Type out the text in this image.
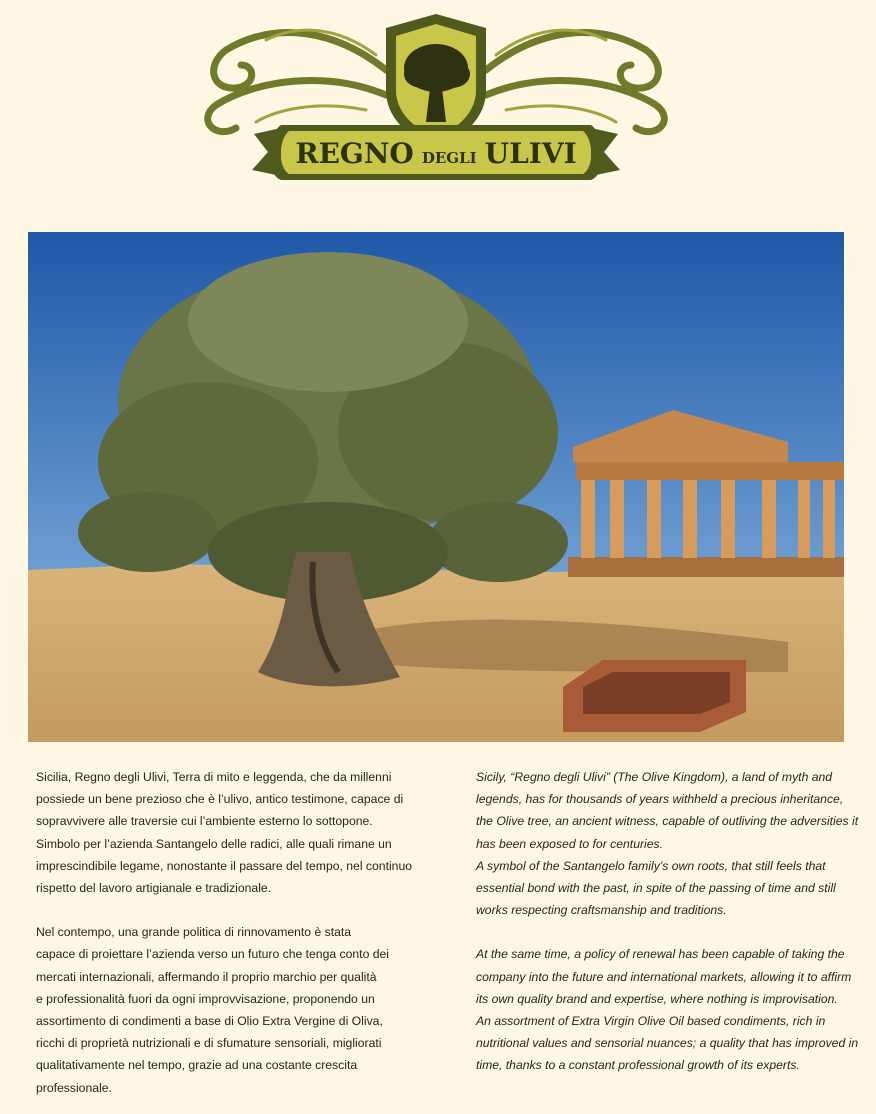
REGNO DEGLI ULIVI

Sicilia, Regno degli Ulivi, Terra di mito e leggenda, che da millenni
possiede un bene prezioso che è l’ulivo, antico testimone, capace di
sopravvivere alle traversie cui l’ambiente esterno lo sottopone.
Simbolo per l’azienda Santangelo delle radici, alle quali rimane un
imprescindibile legame, nonostante il passare del tempo, nel continuo
rispetto del lavoro artigianale e tradizionale.

Nel contempo, una grande politica di rinnovamento è stata
capace di proiettare l’azienda verso un futuro che tenga conto dei
mercati internazionali, affermando il proprio marchio per qualità
e professionalità fuori da ogni improvvisazione, proponendo un
assortimento di condimenti a base di Olio Extra Vergine di Oliva,
ricchi di proprietà nutrizionali e di sfumature sensoriali, migliorati
qualitativamente nel tempo, grazie ad una costante crescita
professionale.

Sicily, “Regno degli Ulivi” (The Olive Kingdom), a land of myth and
legends, has for thousands of years withheld a precious inheritance,
the Olive tree, an ancient witness, capable of outliving the adversities it
has been exposed to for centuries.
A symbol of the Santangelo family’s own roots, that still feels that
essential bond with the past, in spite of the passing of time and still
works respecting craftsmanship and traditions.

At the same time, a policy of renewal has been capable of taking the
company into the future and international markets, allowing it to affirm
its own quality brand and expertise, where nothing is improvisation.
An assortment of Extra Virgin Olive Oil based condiments, rich in
nutritional values and sensorial nuances; a quality that has improved in
time, thanks to a constant professional growth of its experts.
